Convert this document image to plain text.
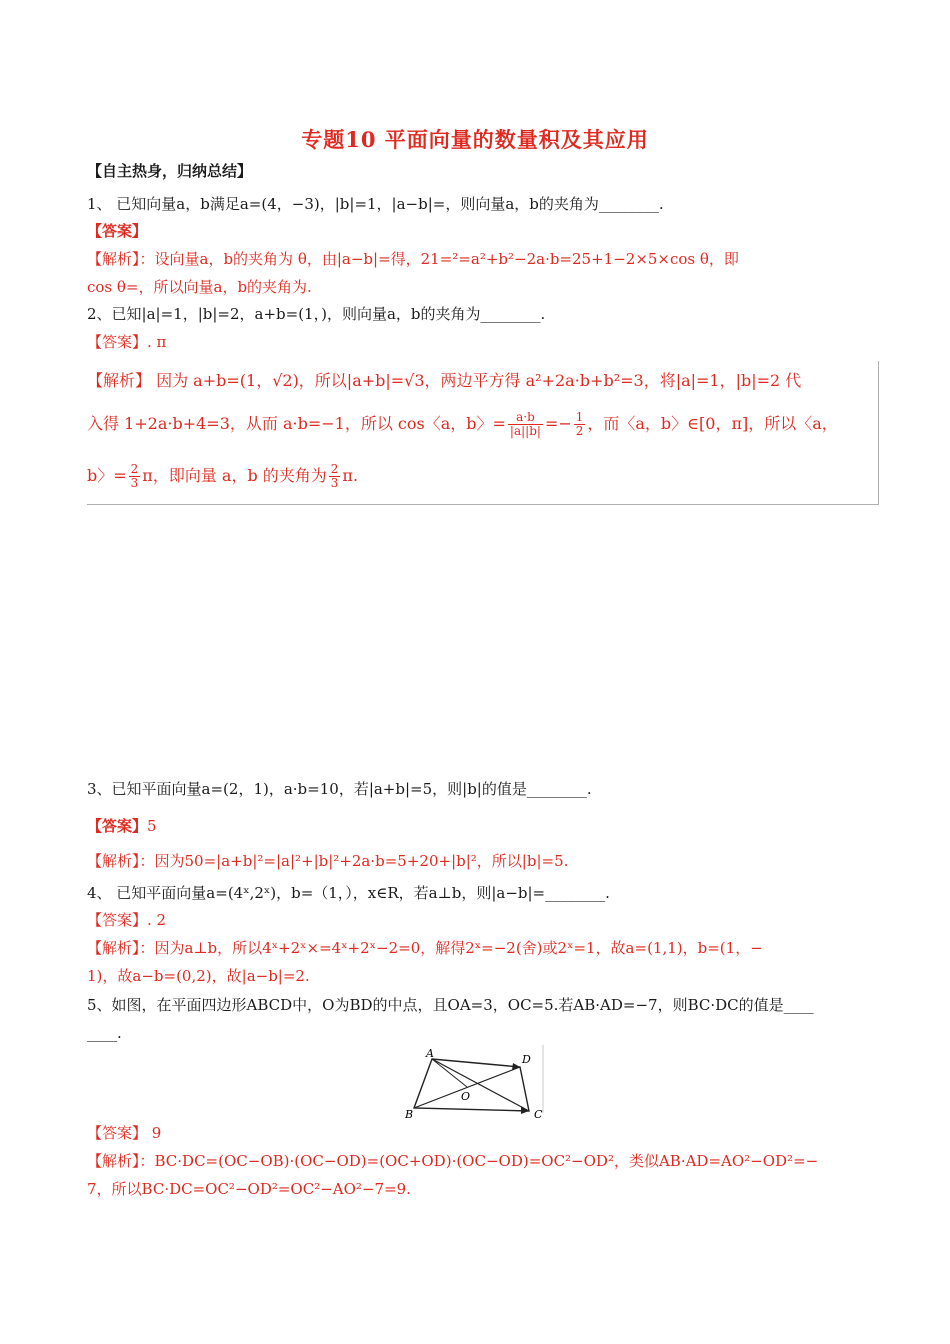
专题10 平面向量的数量积及其应用
【自主热身，归纳总结】
1、 已知向量a，b满足a=(4，−3)，|b|=1，|a−b|=，则向量a，b的夹角为________.
【答案】
【解析】：设向量a，b的夹角为 θ，由|a−b|=得，21=²=a²+b²−2a·b=25+1−2×5×cos θ，即
cos θ=，所以向量a，b的夹角为.
2、已知|a|=1，|b|=2，a+b=(1，)，则向量a，b的夹角为________.
【答案】. π
【解析】 因为 a+b=(1，√2)，所以|a+b|=√3，两边平方得 a²+2a·b+b²=3，将|a|=1，|b|=2 代
入得 1+2a·b+4=3，从而 a·b=−1，所以 cos〈a，b〉= $\frac{a\cdot b}{|a||b|} =- \frac{1}{2}$ ，而〈a，b〉∈[0，π]，所以〈a，
b〉= $\frac{2}{3}$ π，即向量 a，b 的夹角为 $\frac{2}{3} \pi$.
3、已知平面向量a=(2，1)，a·b=10，若|a+b|=5，则|b|的值是________.
【答案】5
【解析】：因为50=|a+b|²=|a|²+|b|²+2a·b=5+20+|b|²，所以|b|=5.
4、 已知平面向量a=(4ˣ,2ˣ)，b=（1，），x∈R，若a⊥b，则|a−b|=________.
【答案】. 2
【解析】：因为a⊥b，所以4ˣ+2ˣ×=4ˣ+2ˣ−2=0，解得2ˣ=−2(舍)或2ˣ=1，故a=(1,1)，b=(1，−
1)，故a−b=(0,2)，故|a−b|=2.
5、如图，在平面四边形ABCD中，O为BD的中点，且OA=3，OC=5.若AB·AD=−7，则BC·DC的值是____
____.
A
B	C
D
O
【答案】 9
【解析】：BC·DC=(OC−OB)·(OC−OD)=(OC+OD)·(OC−OD)=OC²−OD²，类似AB·AD=AO²−OD²=−
7，所以BC·DC=OC²−OD²=OC²−AO²−7=9.
